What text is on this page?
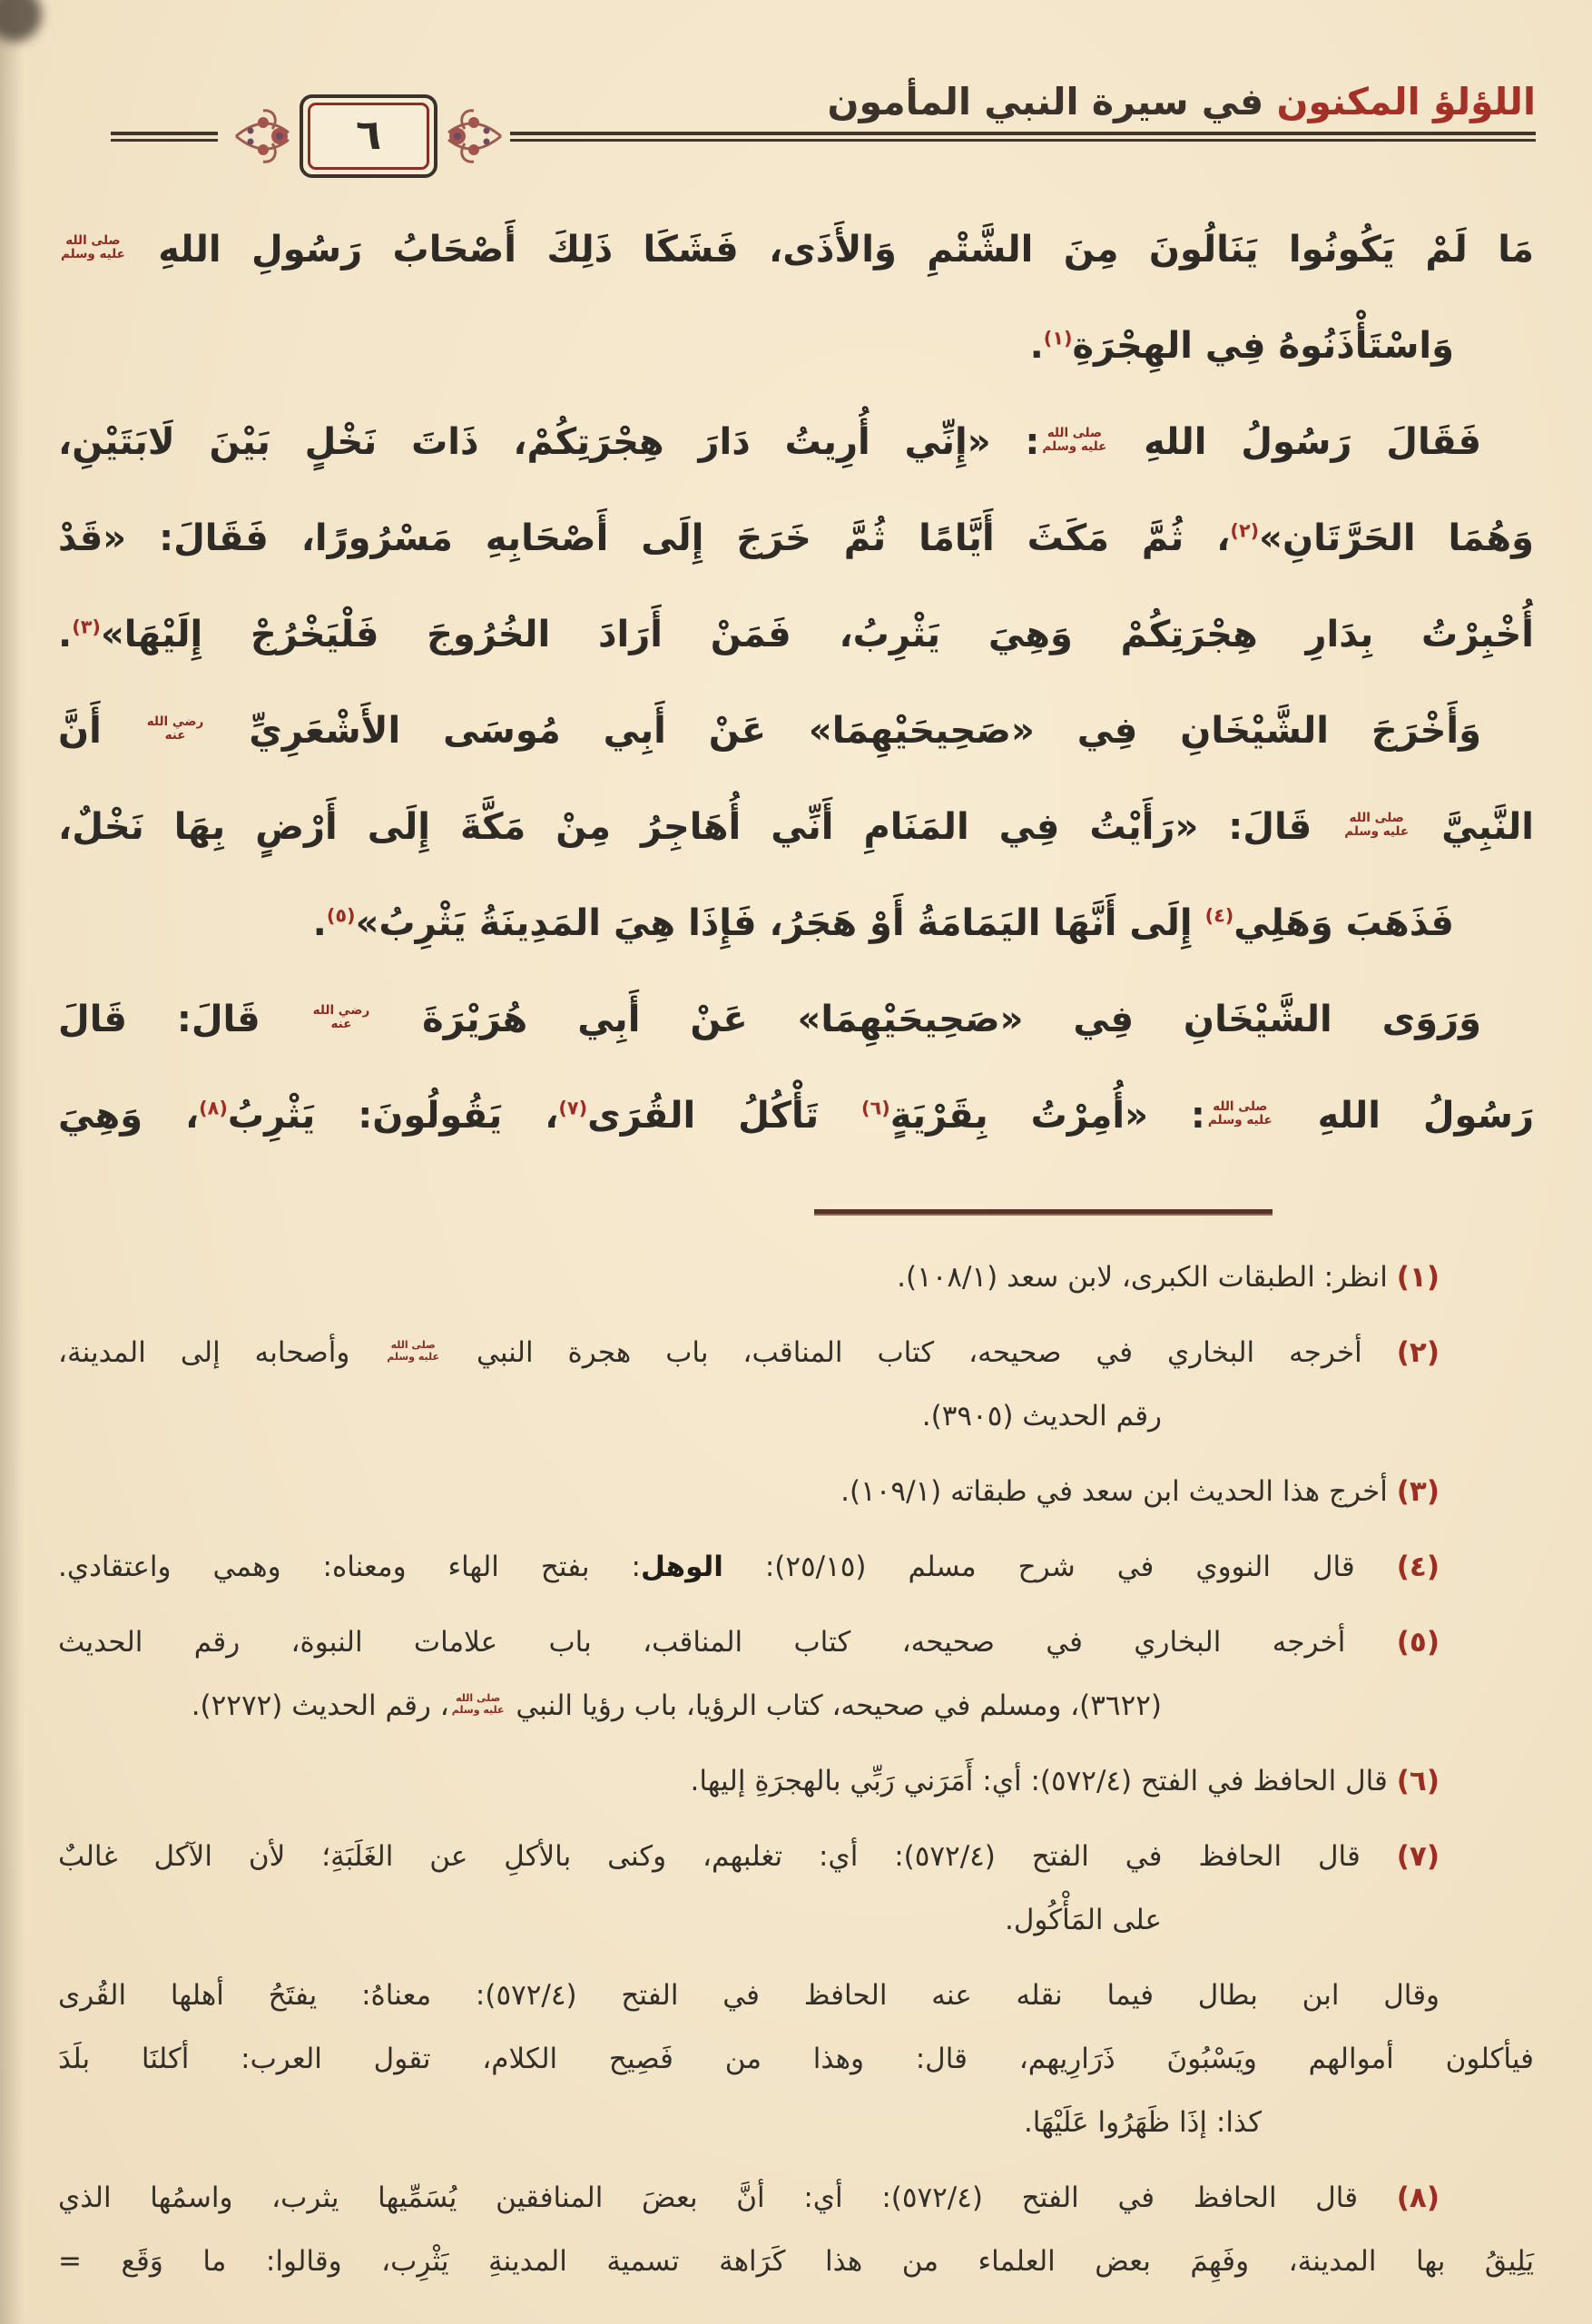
اللؤلؤ المكنون في سيرة النبي المأمون
٦
مَا لَمْ يَكُونُوا يَنَالُونَ مِنَ الشَّتْمِ وَالأَذَى، فَشَكَا ذَلِكَ أَصْحَابُ رَسُولِ اللهِ
صلى الله
عليه وسلم
وَاسْتَأْذَنُوهُ فِي الهِجْرَةِ$^{(١)}$.
فَقَالَ رَسُولُ اللهِ
صلى الله
عليه وسلم
: «إِنِّي أُرِيتُ دَارَ هِجْرَتِكُمْ، ذَاتَ نَخْلٍ بَيْنَ لَابَتَيْنِ،
وَهُمَا الحَرَّتَانِ»$^{(٢)}$، ثُمَّ مَكَثَ أَيَّامًا ثُمَّ خَرَجَ إِلَى أَصْحَابِهِ مَسْرُورًا، فَقَالَ: «قَدْ
أُخْبِرْتُ بِدَارِ هِجْرَتِكُمْ وَهِيَ يَثْرِبُ، فَمَنْ أَرَادَ الخُرُوجَ فَلْيَخْرُجْ إِلَيْهَا»$^{(٣)}$.
وَأَخْرَجَ الشَّيْخَانِ فِي «صَحِيحَيْهِمَا» عَنْ أَبِي مُوسَى الأَشْعَرِيِّ
رضي الله
عنه
أَنَّ
النَّبِيَّ
صلى الله
عليه وسلم
قَالَ: «رَأَيْتُ فِي المَنَامِ أَنِّي أُهَاجِرُ مِنْ مَكَّةَ إِلَى أَرْضٍ بِهَا نَخْلٌ،
فَذَهَبَ وَهَلِي$^{(٤)}$ إِلَى أَنَّهَا اليَمَامَةُ أَوْ هَجَرُ، فَإِذَا هِيَ المَدِينَةُ يَثْرِبُ»$^{(٥)}$.
وَرَوَى الشَّيْخَانِ فِي «صَحِيحَيْهِمَا» عَنْ أَبِي هُرَيْرَةَ
رضي الله
عنه
قَالَ: قَالَ
رَسُولُ اللهِ
صلى الله
عليه وسلم
: «أُمِرْتُ بِقَرْيَةٍ$^{(٦)}$ تَأْكُلُ القُرَى$^{(٧)}$، يَقُولُونَ: يَثْرِبُ$^{(٨)}$، وَهِيَ
(١) انظر: الطبقات الكبرى، لابن سعد (١٠٨/١).
(٢) أخرجه البخاري في صحيحه، كتاب المناقب، باب هجرة النبي
صلى الله
عليه وسلم
وأصحابه إلى المدينة،
رقم الحديث (٣٩٠٥).
(٣) أخرج هذا الحديث ابن سعد في طبقاته (١٠٩/١).
(٤) قال النووي في شرح مسلم (٢٥/١٥): الوهل: بفتح الهاء ومعناه: وهمي واعتقادي.
(٥) أخرجه البخاري في صحيحه، كتاب المناقب، باب علامات النبوة، رقم الحديث
(٣٦٢٢)، ومسلم في صحيحه، كتاب الرؤيا، باب رؤيا النبي
صلى الله
عليه وسلم
، رقم الحديث (٢٢٧٢).
(٦) قال الحافظ في الفتح (٥٧٢/٤): أي: أَمَرَني رَبِّي بالهجرَةِ إليها.
(٧) قال الحافظ في الفتح (٥٧٢/٤): أي: تغلبهم، وكنى بالأكلِ عن الغَلَبَةِ؛ لأن الآكل غالبٌ
على المَأْكُول.
وقال ابن بطال فيما نقله عنه الحافظ في الفتح (٥٧٢/٤): معناهُ: يفتَحُ أهلها القُرى
فيأكلون أموالهم ويَسْبُونَ ذَرَارِيهم، قال: وهذا من فَصِيح الكلام، تقول العرب: أكلنَا بلَدَ
كذا: إذَا ظَهَرُوا عَلَيْهَا.
(٨) قال الحافظ في الفتح (٥٧٢/٤): أي: أنَّ بعضَ المنافقين يُسَمِّيها يثرب، واسمُها الذي
يَلِيقُ بها المدينة، وفَهِمَ بعض العلماء من هذا كَرَاهة تسمية المدينةِ يَثْرِب، وقالوا: ما وَقَع =
